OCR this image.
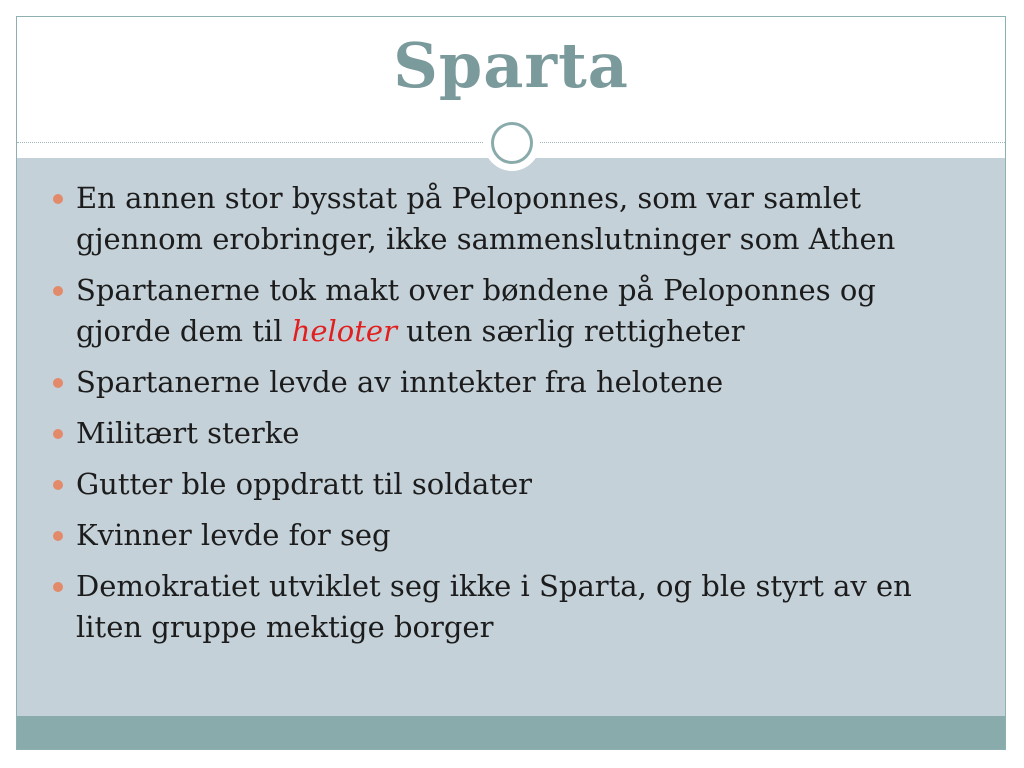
Sparta
En annen stor bysstat på Peloponnes, som var samlet gjennom erobringer, ikke sammenslutninger som Athen
Spartanerne tok makt over bøndene på Peloponnes og gjorde dem til heloter uten særlig rettigheter
Spartanerne levde av inntekter fra helotene
Militært sterke
Gutter ble oppdratt til soldater
Kvinner levde for seg
Demokratiet utviklet seg ikke i Sparta, og ble styrt av en liten gruppe mektige borger
